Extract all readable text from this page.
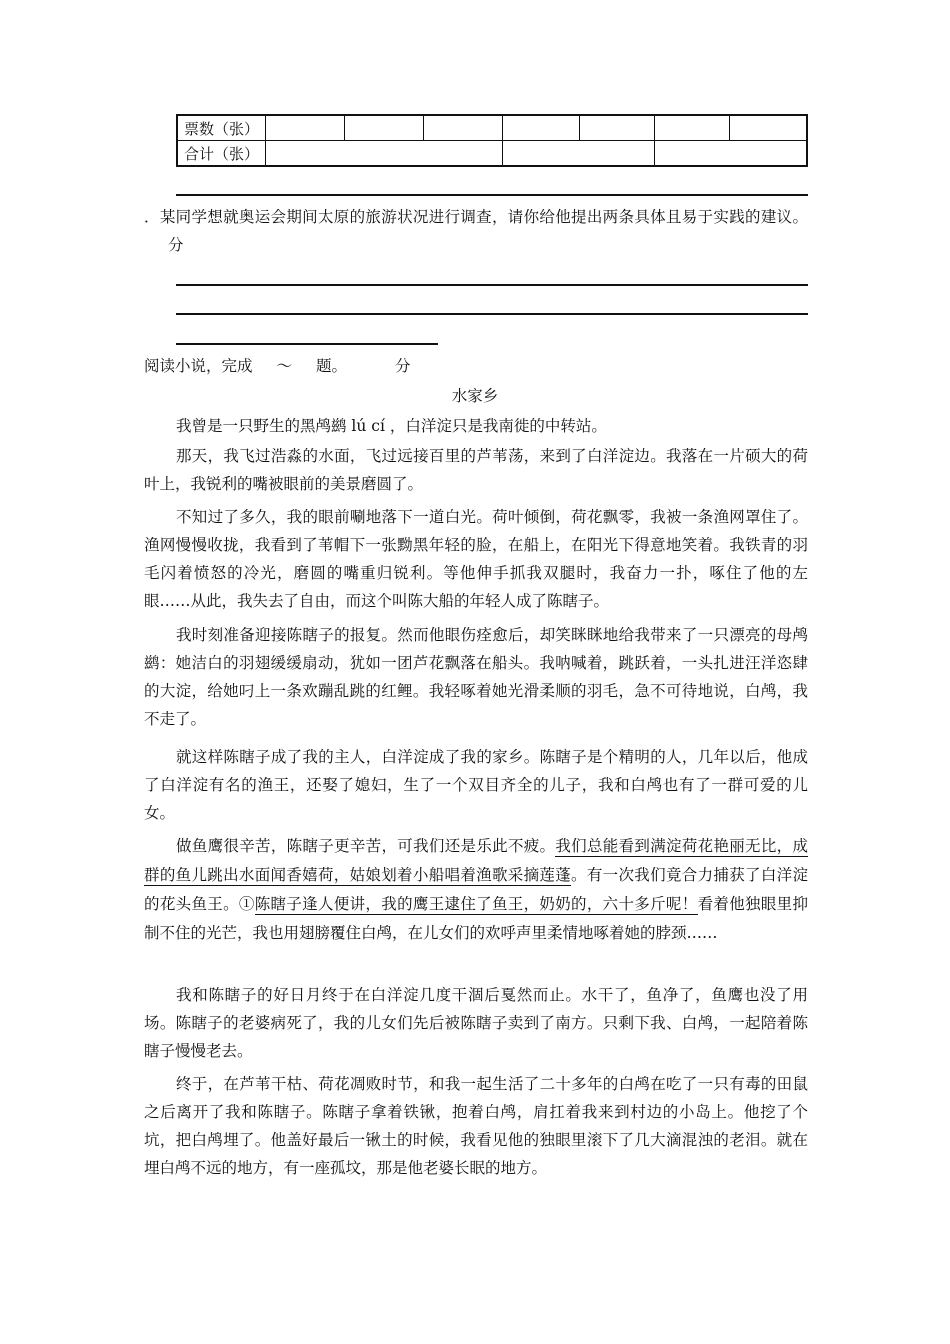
票数（张）							
合计（张）							

．某同学想就奥运会期间太原的旅游状况进行调查，请你给他提出两条具体且易于实践的建议。分

阅读小说，完成 ～ 题。	分

水家乡

我曾是一只野生的黑鸬鹚 lú cí ，白洋淀只是我南徙的中转站。

那天，我飞过浩淼的水面，飞过远接百里的芦苇荡，来到了白洋淀边。我落在一片硕大的荷叶上，我锐利的嘴被眼前的美景磨圆了。

不知过了多久，我的眼前唰地落下一道白光。荷叶倾倒，荷花飘零，我被一条渔网罩住了。渔网慢慢收拢，我看到了苇帽下一张黝黑年轻的脸，在船上，在阳光下得意地笑着。我铁青的羽毛闪着愤怒的冷光，磨圆的嘴重归锐利。等他伸手抓我双腿时，我奋力一扑，啄住了他的左眼……从此，我失去了自由，而这个叫陈大船的年轻人成了陈瞎子。

我时刻准备迎接陈瞎子的报复。然而他眼伤痊愈后，却笑眯眯地给我带来了一只漂亮的母鸬鹚：她洁白的羽翅缓缓扇动，犹如一团芦花飘落在船头。我呐喊着，跳跃着，一头扎进汪洋恣肆的大淀，给她叼上一条欢蹦乱跳的红鲤。我轻啄着她光滑柔顺的羽毛，急不可待地说，白鸬，我不走了。

就这样陈瞎子成了我的主人，白洋淀成了我的家乡。陈瞎子是个精明的人，几年以后，他成了白洋淀有名的渔王，还娶了媳妇，生了一个双目齐全的儿子，我和白鸬也有了一群可爱的儿女。

做鱼鹰很辛苦，陈瞎子更辛苦，可我们还是乐此不疲。我们总能看到满淀荷花艳丽无比，成群的鱼儿跳出水面闻香嬉荷，姑娘划着小船唱着渔歌采摘莲蓬。有一次我们竟合力捕获了白洋淀的花头鱼王。①陈瞎子逢人便讲，我的鹰王逮住了鱼王，奶奶的，六十多斤呢！看着他独眼里抑制不住的光芒，我也用翅膀覆住白鸬，在儿女们的欢呼声里柔情地啄着她的脖颈……

我和陈瞎子的好日月终于在白洋淀几度干涸后戛然而止。水干了，鱼净了，鱼鹰也没了用场。陈瞎子的老婆病死了，我的儿女们先后被陈瞎子卖到了南方。只剩下我、白鸬，一起陪着陈瞎子慢慢老去。

终于，在芦苇干枯、荷花凋败时节，和我一起生活了二十多年的白鸬在吃了一只有毒的田鼠之后离开了我和陈瞎子。陈瞎子拿着铁锹，抱着白鸬，肩扛着我来到村边的小岛上。他挖了个坑，把白鸬埋了。他盖好最后一锹土的时候，我看见他的独眼里滚下了几大滴混浊的老泪。就在埋白鸬不远的地方，有一座孤坟，那是他老婆长眠的地方。
